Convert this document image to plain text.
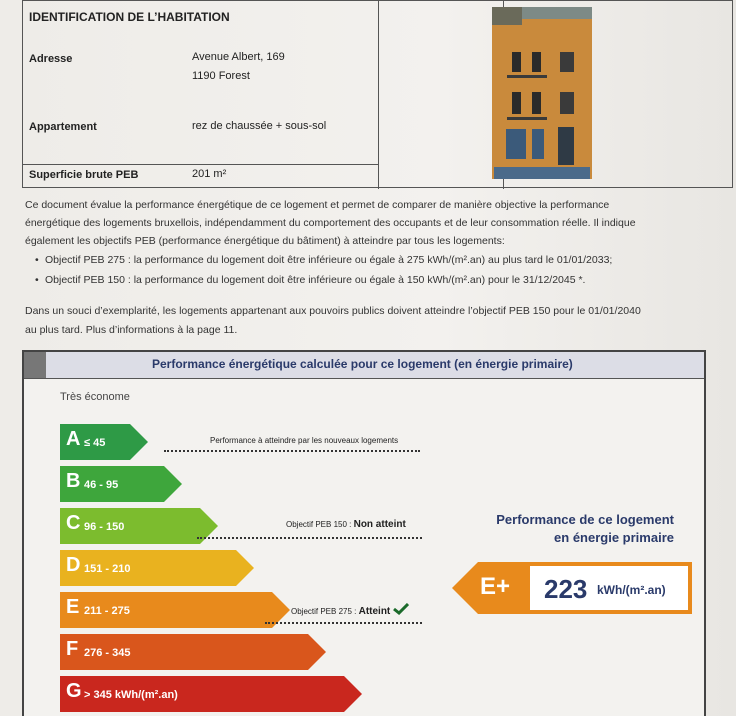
IDENTIFICATION DE L’HABITATION
Adresse	Avenue Albert, 169
1190 Forest
Appartement	rez de chaussée + sous-sol
Superficie brute PEB	201 m²
Ce document évalue la performance énergétique de ce logement et permet de comparer de manière objective la performance
énergétique des logements bruxellois, indépendamment du comportement des occupants et de leur consommation réelle. Il indique
également les objectifs PEB (performance énergétique du bâtiment) à atteindre par tous les logements:
• Objectif PEB 275 : la performance du logement doit être inférieure ou égale à 275 kWh/(m².an) au plus tard le 01/01/2033;
• Objectif PEB 150 : la performance du logement doit être inférieure ou égale à 150 kWh/(m².an) pour le 31/12/2045 *.
Dans un souci d’exemplarité, les logements appartenant aux pouvoirs publics doivent atteindre l’objectif PEB 150 pour le 01/01/2040
au plus tard. Plus d’informations à la page 11.
Performance énergétique calculée pour ce logement (en énergie primaire)
Très économe
A ≤ 45
B 46 - 95
C 96 - 150
D 151 - 210
E 211 - 275
F 276 - 345
G > 345 kWh/(m².an)
Performance à atteindre par les nouveaux logements
Objectif PEB 150 : Non atteint
Objectif PEB 275 : Atteint
Performance de ce logement
en énergie primaire
E+ 223 kWh/(m².an)
